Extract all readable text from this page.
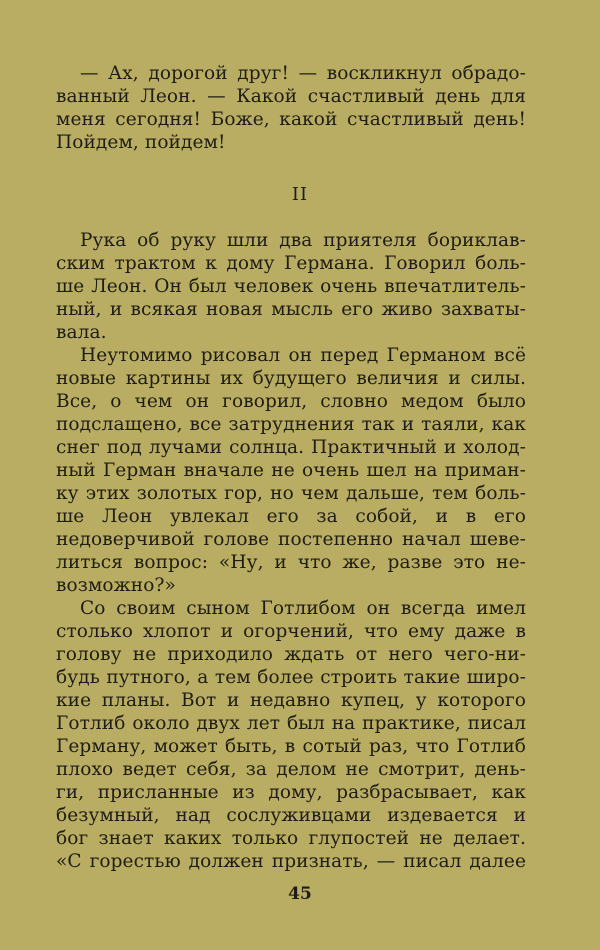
— Ах, дорогой друг! — воскликнул обрадо-
ванный Леон. — Какой счастливый день для
меня сегодня! Боже, какой счастливый день!
Пойдем, пойдем!
II
Рука об руку шли два приятеля бориклав-
ским трактом к дому Германа. Говорил боль-
ше Леон. Он был человек очень впечатлитель-
ный, и всякая новая мысль его живо захваты-
вала.
Неутомимо рисовал он перед Германом всё
новые картины их будущего величия и силы.
Все, о чем он говорил, словно медом было
подслащено, все затруднения так и таяли, как
снег под лучами солнца. Практичный и холод-
ный Герман вначале не очень шел на примaн-
ку этих золотых гор, но чем дальше, тем боль-
ше Леон увлекал его за собой, и в его
недоверчивой голове постепенно начал шеве-
литься вопрос: «Ну, и что же, разве это не-
возможно?»
Со своим сыном Готлибом он всегда имел
столько хлопот и огорчений, что ему даже в
голову не приходило ждать от него чего-ни-
будь путного, а тем более строить такие широ-
кие планы. Вот и недавно купец, у которого
Готлиб около двух лет был на практике, писал
Герману, может быть, в сотый раз, что Готлиб
плохо ведет себя, за делом не смотрит, день-
ги, присланные из дому, разбрасывает, как
безумный, над сослуживцами издевается и
бог знает каких только глупостей не делает.
«С горестью должен признать, — писал далее
45
